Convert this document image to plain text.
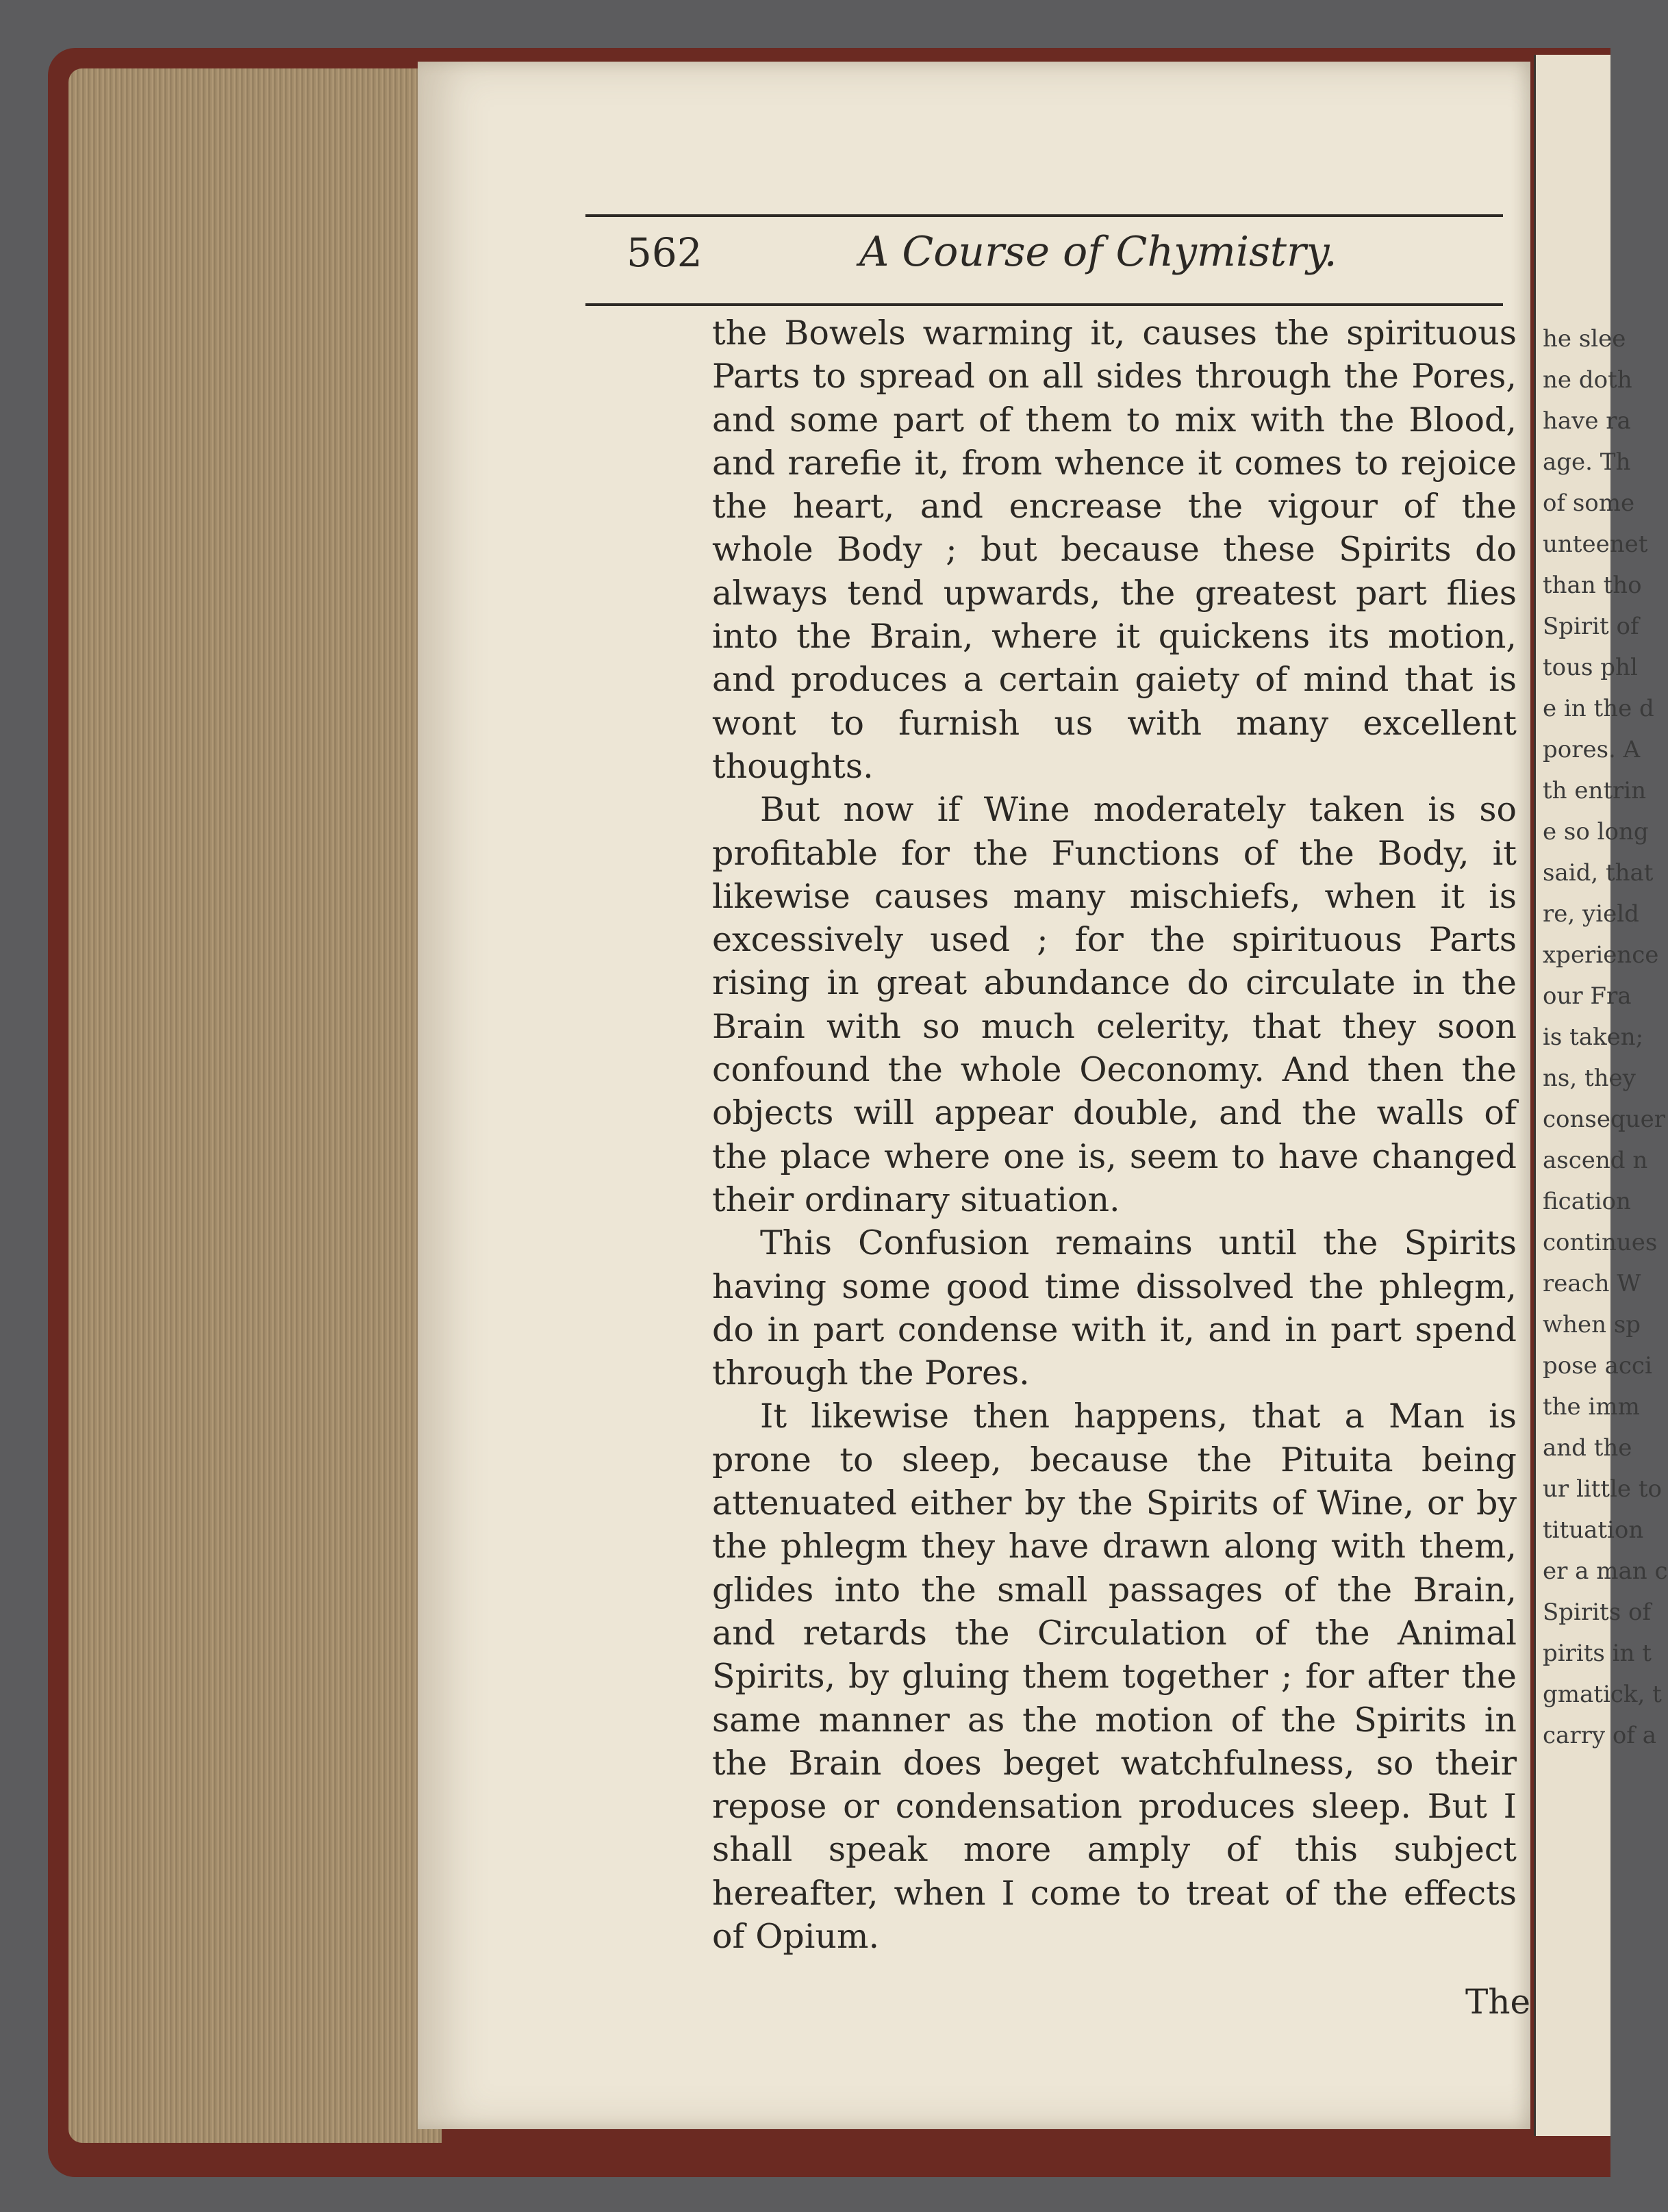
562	A Course of Chymistry.

the Bowels warming it, causes the spirituous Parts to spread on all sides through the Pores, and some part of them to mix with the Blood, and rarefie it, from whence it comes to rejoice the heart, and encrease the vigour of the whole Body ; but because these Spirits do always tend upwards, the greatest part flies into the Brain, where it quickens its motion, and produces a certain gaiety of mind that is wont to furnish us with many excellent thoughts.

But now if Wine moderately taken is so profitable for the Functions of the Body, it likewise causes many mischiefs, when it is excessively used ; for the spirituous Parts rising in great abundance do circulate in the Brain with so much celerity, that they soon confound the whole Oeconomy. And then the objects will appear double, and the walls of the place where one is, seem to have changed their ordinary situation.

This Confusion remains until the Spirits having some good time dissolved the phlegm, do in part condense with it, and in part spend through the Pores.

It likewise then happens, that a Man is prone to sleep, because the Pituita being attenuated either by the Spirits of Wine, or by the phlegm they have drawn along with them, glides into the small passages of the Brain, and retards the Circulation of the Animal Spirits, by gluing them together ; for after the same manner as the motion of the Spirits in the Brain does beget watchfulness, so their repose or condensation produces sleep. But I shall speak more amply of this subject hereafter, when I come to treat of the effects of Opium.

The
he slee
ne doth
have ra
age. Th
of some
unteenet
than tho
Spirit of
tous phl
e in the d
pores. A
th entrin
e so long
said, that
re, yield
xperience
our Fra
is taken;
ns, they
consequer
ascend n
fication
continues
reach W
when sp
pose acci
the imm
and the
ur little to
tituation
er a man c
Spirits of
pirits in t
gmatick, t
carry of a
